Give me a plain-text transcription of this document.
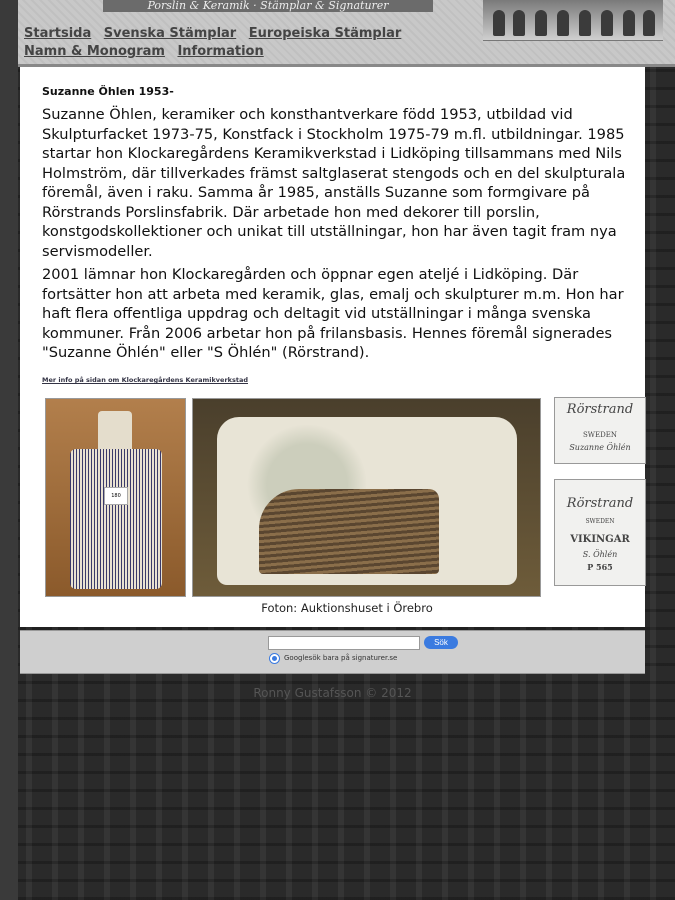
Porslin & Keramik · Stämplar & Signaturer
Startsida Svenska Stämplar Europeiska Stämplar Namn & Monogram Information
Suzanne Öhlen 1953-

Suzanne Öhlen, keramiker och konsthantverkare född 1953, utbildad vid Skulpturfacket 1973-75, Konstfack i Stockholm 1975-79 m.fl. utbildningar. 1985 startar hon Klockaregårdens Keramikverkstad i Lidköping tillsammans med Nils Holmström, där tillverkades främst saltglaserat stengods och en del skulpturala föremål, även i raku. Samma år 1985, anställs Suzanne som formgivare på Rörstrands Porslinsfabrik. Där arbetade hon med dekorer till porslin, konstgodskollektioner och unikat till utställningar, hon har även tagit fram nya servismodeller.

2001 lämnar hon Klockaregården och öppnar egen ateljé i Lidköping. Där fortsätter hon att arbeta med keramik, glas, emalj och skulpturer m.m. Hon har haft flera offentliga uppdrag och deltagit vid utställningar i många svenska kommuner. Från 2006 arbetar hon på frilansbasis. Hennes föremål signerades "Suzanne Öhlén" eller "S Öhlén" (Rörstrand).

Mer info på sidan om Klockaregårdens Keramikverkstad
180
Rörstrand
SWEDEN
Suzanne Öhlén
Rörstrand
SWEDEN
VIKINGAR
S. Öhlén
P 565
Foton: Auktionshuset i Örebro
Sök
Googlesök bara på signaturer.se
Ronny Gustafsson © 2012
